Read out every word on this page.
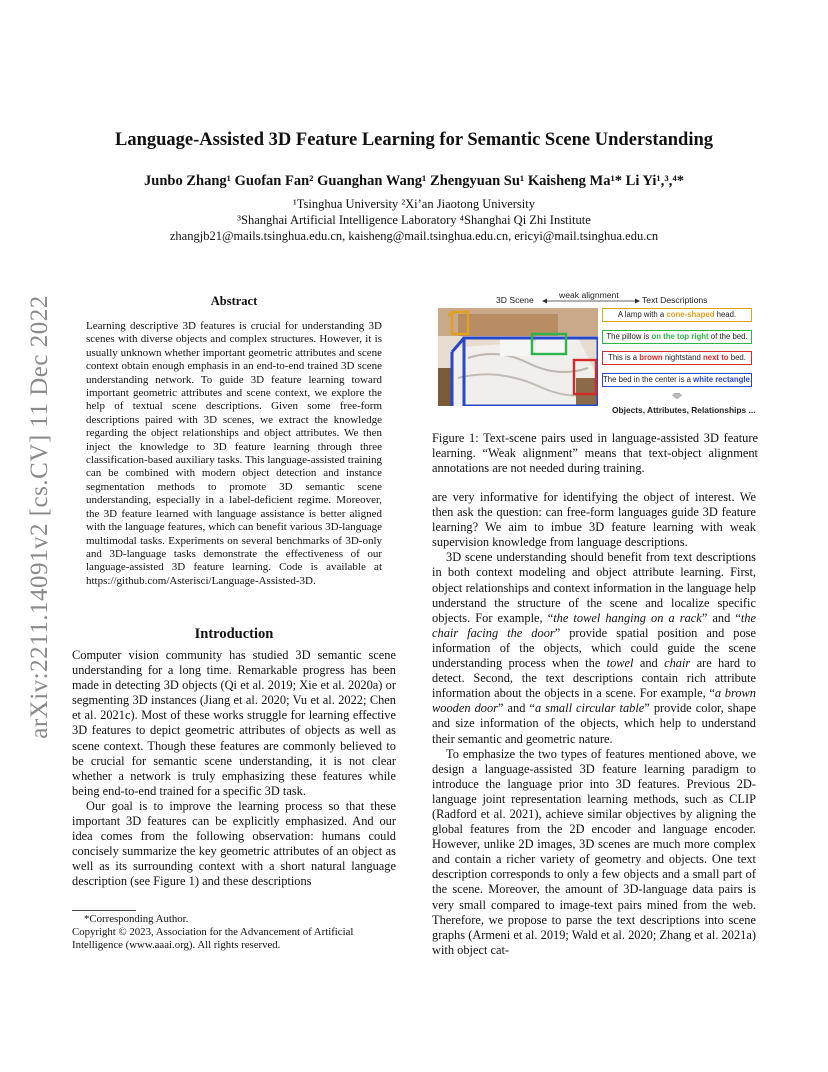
arXiv:2211.14091v2 [cs.CV] 11 Dec 2022
Language-Assisted 3D Feature Learning for Semantic Scene Understanding
Junbo Zhang¹ Guofan Fan² Guanghan Wang¹ Zhengyuan Su¹ Kaisheng Ma¹* Li Yi¹,³,⁴*
¹Tsinghua University ²Xi’an Jiaotong University
³Shanghai Artificial Intelligence Laboratory ⁴Shanghai Qi Zhi Institute
zhangjb21@mails.tsinghua.edu.cn, kaisheng@mail.tsinghua.edu.cn, ericyi@mail.tsinghua.edu.cn
Abstract
Learning descriptive 3D features is crucial for understanding 3D scenes with diverse objects and complex structures. However, it is usually unknown whether important geometric attributes and scene context obtain enough emphasis in an end-to-end trained 3D scene understanding network. To guide 3D feature learning toward important geometric attributes and scene context, we explore the help of textual scene descriptions. Given some free-form descriptions paired with 3D scenes, we extract the knowledge regarding the object relationships and object attributes. We then inject the knowledge to 3D feature learning through three classification-based auxiliary tasks. This language-assisted training can be combined with modern object detection and instance segmentation methods to promote 3D semantic scene understanding, especially in a label-deficient regime. Moreover, the 3D feature learned with language assistance is better aligned with the language features, which can benefit various 3D-language multimodal tasks. Experiments on several benchmarks of 3D-only and 3D-language tasks demonstrate the effectiveness of our language-assisted 3D feature learning. Code is available at https://github.com/Asterisci/Language-Assisted-3D.
Introduction

Computer vision community has studied 3D semantic scene understanding for a long time. Remarkable progress has been made in detecting 3D objects (Qi et al. 2019; Xie et al. 2020a) or segmenting 3D instances (Jiang et al. 2020; Vu et al. 2022; Chen et al. 2021c). Most of these works struggle for learning effective 3D features to depict geometric attributes of objects as well as scene context. Though these features are commonly believed to be crucial for semantic scene understanding, it is not clear whether a network is truly emphasizing these features while being end-to-end trained for a specific 3D task.

Our goal is to improve the learning process so that these important 3D features can be explicitly emphasized. And our idea comes from the following observation: humans could concisely summarize the key geometric attributes of an object as well as its surrounding context with a short natural language description (see Figure 1) and these descriptions

*Corresponding Author.
Copyright © 2023, Association for the Advancement of Artificial Intelligence (www.aaai.org). All rights reserved.
3D Scene	weak alignment	Text Descriptions
A lamp with a cone-shaped head.
The pillow is on the top right of the bed.
This is a brown nightstand next to bed.
The bed in the center is a white rectangle.
Objects, Attributes, Relationships ...
Figure 1: Text-scene pairs used in language-assisted 3D feature learning. “Weak alignment” means that text-object alignment annotations are not needed during training.

are very informative for identifying the object of interest. We then ask the question: can free-form languages guide 3D feature learning? We aim to imbue 3D feature learning with weak supervision knowledge from language descriptions.

3D scene understanding should benefit from text descriptions in both context modeling and object attribute learning. First, object relationships and context information in the language help understand the structure of the scene and localize specific objects. For example, “the towel hanging on a rack” and “the chair facing the door” provide spatial position and pose information of the objects, which could guide the scene understanding process when the towel and chair are hard to detect. Second, the text descriptions contain rich attribute information about the objects in a scene. For example, “a brown wooden door” and “a small circular table” provide color, shape and size information of the objects, which help to understand their semantic and geometric nature.

To emphasize the two types of features mentioned above, we design a language-assisted 3D feature learning paradigm to introduce the language prior into 3D features. Previous 2D-language joint representation learning methods, such as CLIP (Radford et al. 2021), achieve similar objectives by aligning the global features from the 2D encoder and language encoder. However, unlike 2D images, 3D scenes are much more complex and contain a richer variety of geometry and objects. One text description corresponds to only a few objects and a small part of the scene. Moreover, the amount of 3D-language data pairs is very small compared to image-text pairs mined from the web. Therefore, we propose to parse the text descriptions into scene graphs (Armeni et al. 2019; Wald et al. 2020; Zhang et al. 2021a) with object cat-
